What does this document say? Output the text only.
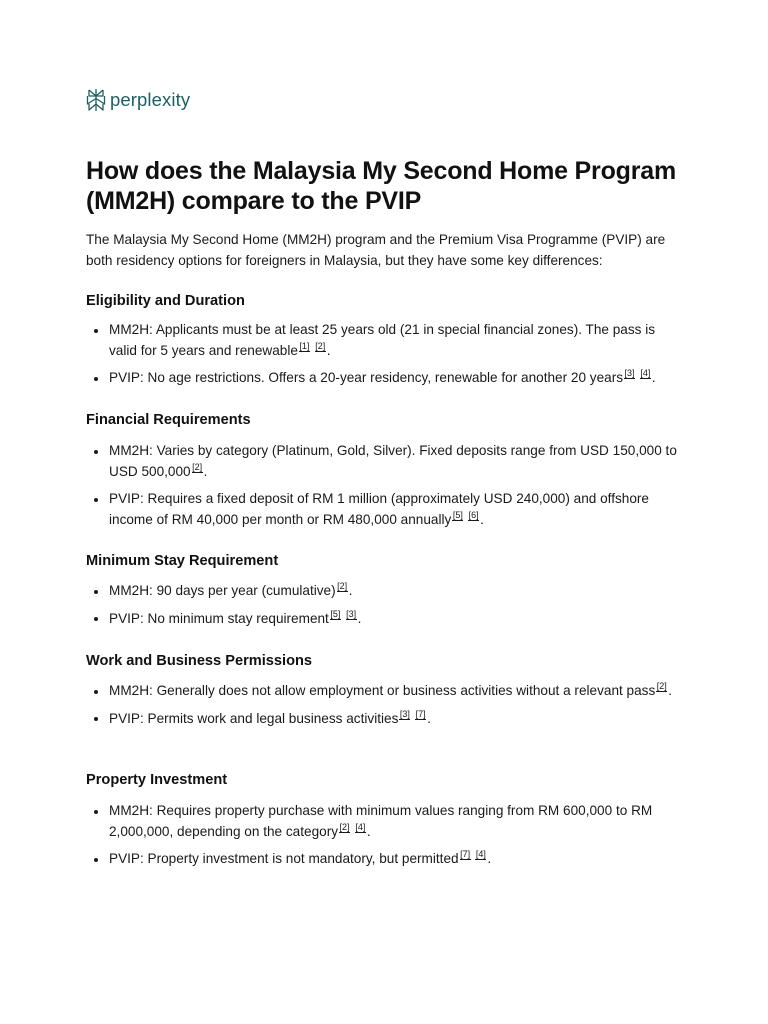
perplexity
How does the Malaysia My Second Home Program (MM2H) compare to the PVIP

The Malaysia My Second Home (MM2H) program and the Premium Visa Programme (PVIP) are both residency options for foreigners in Malaysia, but they have some key differences:

Eligibility and Duration
MM2H: Applicants must be at least 25 years old (21 in special financial zones). The pass is valid for 5 years and renewable [1] [2] .
PVIP: No age restrictions. Offers a 20-year residency, renewable for another 20 years [3] [4] .
Financial Requirements
MM2H: Varies by category (Platinum, Gold, Silver). Fixed deposits range from USD 150,000 to USD 500,000 [2] .
PVIP: Requires a fixed deposit of RM 1 million (approximately USD 240,000) and offshore income of RM 40,000 per month or RM 480,000 annually [5] [6] .
Minimum Stay Requirement
MM2H: 90 days per year (cumulative) [2] .
PVIP: No minimum stay requirement [5] [3] .
Work and Business Permissions
MM2H: Generally does not allow employment or business activities without a relevant pass [2] .
PVIP: Permits work and legal business activities [3] [7] .
Property Investment
MM2H: Requires property purchase with minimum values ranging from RM 600,000 to RM 2,000,000, depending on the category [2] [4] .
PVIP: Property investment is not mandatory, but permitted [7] [4] .
